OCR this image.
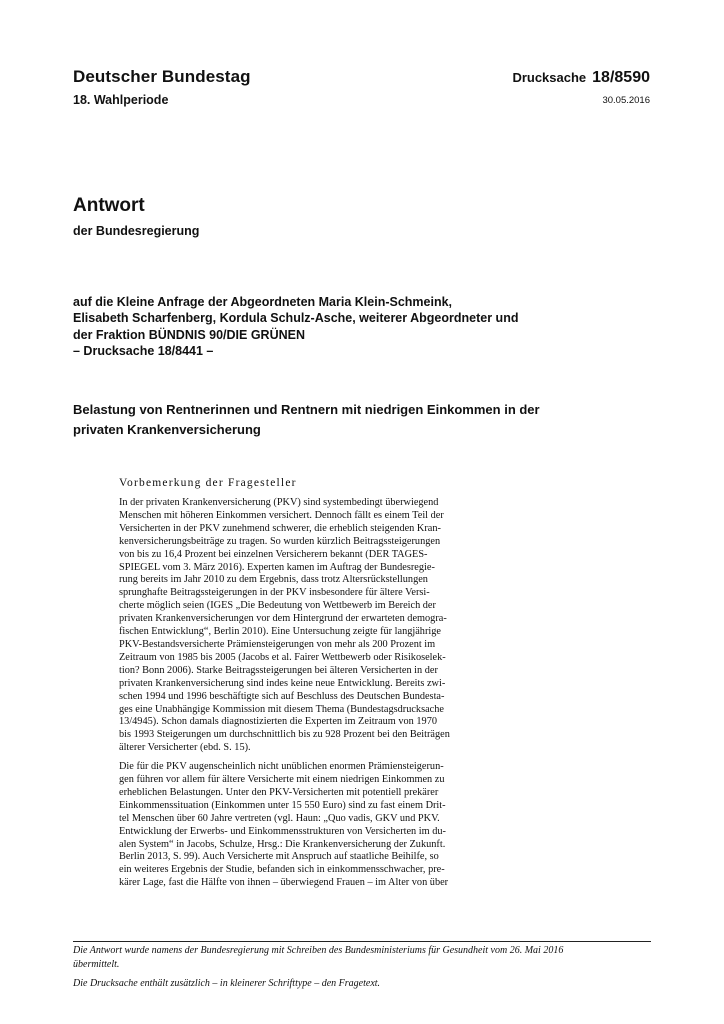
Deutscher Bundestag
18. Wahlperiode
Drucksache 18/8590
30.05.2016
Antwort
der Bundesregierung
auf die Kleine Anfrage der Abgeordneten Maria Klein-Schmeink,
Elisabeth Scharfenberg, Kordula Schulz-Asche, weiterer Abgeordneter und
der Fraktion BÜNDNIS 90/DIE GRÜNEN
– Drucksache 18/8441 –
Belastung von Rentnerinnen und Rentnern mit niedrigen Einkommen in der
privaten Krankenversicherung
Vorbemerkung der Fragesteller
In der privaten Krankenversicherung (PKV) sind systembedingt überwiegend
Menschen mit höheren Einkommen versichert. Dennoch fällt es einem Teil der
Versicherten in der PKV zunehmend schwerer, die erheblich steigenden Kran-
kenversicherungsbeiträge zu tragen. So wurden kürzlich Beitragssteigerungen
von bis zu 16,4 Prozent bei einzelnen Versicherern bekannt (DER TAGES-
SPIEGEL vom 3. März 2016). Experten kamen im Auftrag der Bundesregie-
rung bereits im Jahr 2010 zu dem Ergebnis, dass trotz Altersrückstellungen
sprunghafte Beitragssteigerungen in der PKV insbesondere für ältere Versi-
cherte möglich seien (IGES „Die Bedeutung von Wettbewerb im Bereich der
privaten Krankenversicherungen vor dem Hintergrund der erwarteten demogra-
fischen Entwicklung“, Berlin 2010). Eine Untersuchung zeigte für langjährige
PKV-Bestandsversicherte Prämiensteigerungen von mehr als 200 Prozent im
Zeitraum von 1985 bis 2005 (Jacobs et al. Fairer Wettbewerb oder Risikoselek-
tion? Bonn 2006). Starke Beitragssteigerungen bei älteren Versicherten in der
privaten Krankenversicherung sind indes keine neue Entwicklung. Bereits zwi-
schen 1994 und 1996 beschäftigte sich auf Beschluss des Deutschen Bundesta-
ges eine Unabhängige Kommission mit diesem Thema (Bundestagsdrucksache
13/4945). Schon damals diagnostizierten die Experten im Zeitraum von 1970
bis 1993 Steigerungen um durchschnittlich bis zu 928 Prozent bei den Beiträgen
älterer Versicherter (ebd. S. 15).
Die für die PKV augenscheinlich nicht unüblichen enormen Prämiensteigerun-
gen führen vor allem für ältere Versicherte mit einem niedrigen Einkommen zu
erheblichen Belastungen. Unter den PKV-Versicherten mit potentiell prekärer
Einkommenssituation (Einkommen unter 15 550 Euro) sind zu fast einem Drit-
tel Menschen über 60 Jahre vertreten (vgl. Haun: „Quo vadis, GKV und PKV.
Entwicklung der Erwerbs- und Einkommensstrukturen von Versicherten im du-
alen System“ in Jacobs, Schulze, Hrsg.: Die Krankenversicherung der Zukunft.
Berlin 2013, S. 99). Auch Versicherte mit Anspruch auf staatliche Beihilfe, so
ein weiteres Ergebnis der Studie, befanden sich in einkommensschwacher, pre-
kärer Lage, fast die Hälfte von ihnen – überwiegend Frauen – im Alter von über
Die Antwort wurde namens der Bundesregierung mit Schreiben des Bundesministeriums für Gesundheit vom 26. Mai 2016
übermittelt.
Die Drucksache enthält zusätzlich – in kleinerer Schrifttype – den Fragetext.
